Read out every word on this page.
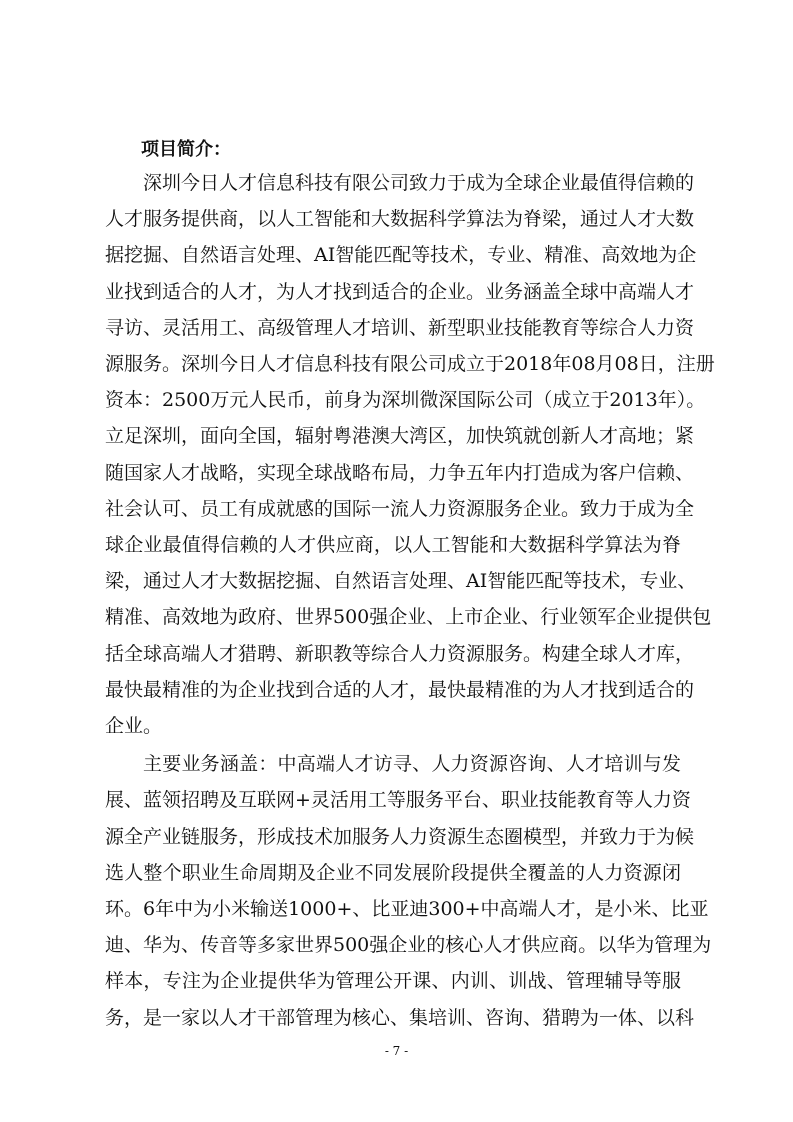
项目简介：
深圳今日人才信息科技有限公司致力于成为全球企业最值得信赖的
人才服务提供商，以人工智能和大数据科学算法为脊梁，通过人才大数
据挖掘、自然语言处理、AI智能匹配等技术，专业、精准、高效地为企
业找到适合的人才，为人才找到适合的企业。业务涵盖全球中高端人才
寻访、灵活用工、高级管理人才培训、新型职业技能教育等综合人力资
源服务。深圳今日人才信息科技有限公司成立于2018年08月08日，注册
资本：2500万元人民币，前身为深圳微深国际公司（成立于2013年）。
立足深圳，面向全国，辐射粤港澳大湾区，加快筑就创新人才高地；紧
随国家人才战略，实现全球战略布局，力争五年内打造成为客户信赖、
社会认可、员工有成就感的国际一流人力资源服务企业。致力于成为全
球企业最值得信赖的人才供应商，以人工智能和大数据科学算法为脊
梁，通过人才大数据挖掘、自然语言处理、AI智能匹配等技术，专业、
精准、高效地为政府、世界500强企业、上市企业、行业领军企业提供包
括全球高端人才猎聘、新职教等综合人力资源服务。构建全球人才库，
最快最精准的为企业找到合适的人才，最快最精准的为人才找到适合的
企业。
主要业务涵盖：中高端人才访寻、人力资源咨询、人才培训与发
展、蓝领招聘及互联网+灵活用工等服务平台、职业技能教育等人力资
源全产业链服务，形成技术加服务人力资源生态圈模型，并致力于为候
选人整个职业生命周期及企业不同发展阶段提供全覆盖的人力资源闭
环。6年中为小米输送1000+、比亚迪300+中高端人才，是小米、比亚
迪、华为、传音等多家世界500强企业的核心人才供应商。以华为管理为
样本，专注为企业提供华为管理公开课、内训、训战、管理辅导等服
务，是一家以人才干部管理为核心、集培训、咨询、猎聘为一体、以科
- 7 -
